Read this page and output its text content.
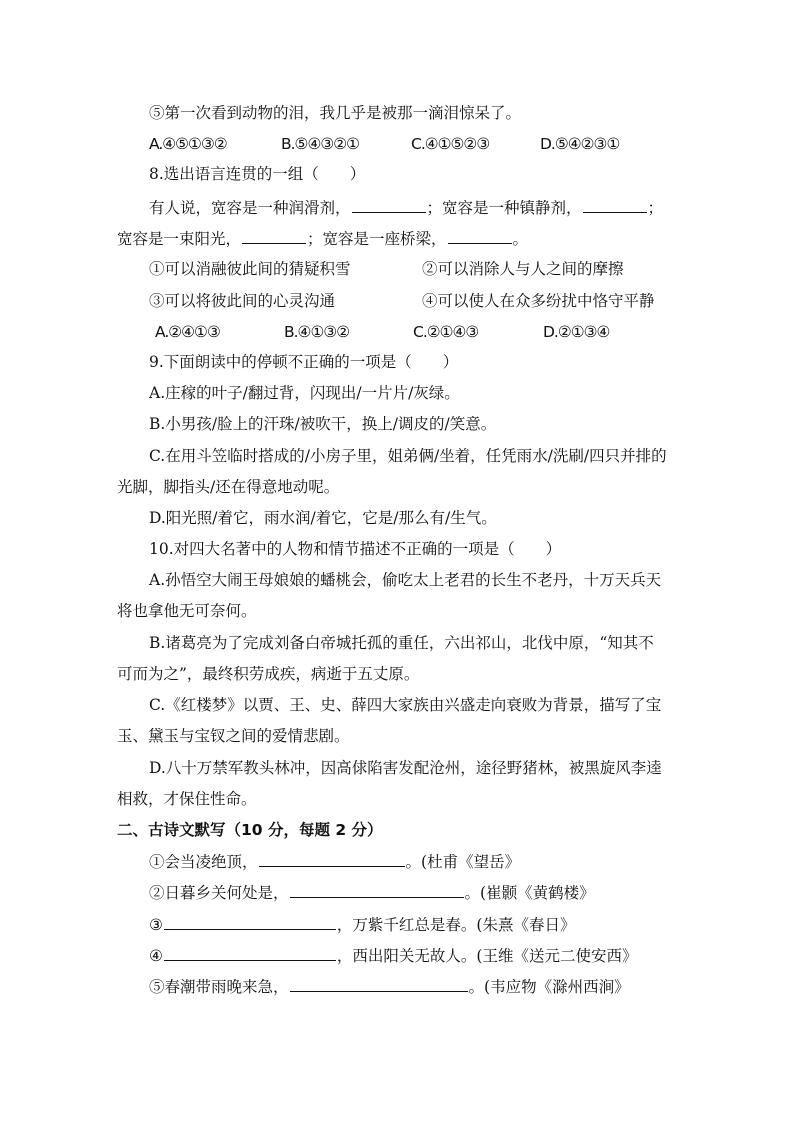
⑤第一次看到动物的泪，我几乎是被那一滴泪惊呆了。
A.④⑤①③②	B.⑤④③②①	C.④①⑤②③	D.⑤④②③①
8.选出语言连贯的一组（　　）
有人说，宽容是一种润滑剂，	；宽容是一种镇静剂，	；
宽容是一束阳光，	；宽容是一座桥梁，	。
①可以消融彼此间的猜疑积雪	②可以消除人与人之间的摩擦
③可以将彼此间的心灵沟通	④可以使人在众多纷扰中恪守平静
A.②④①③	B.④①③②	C.②①④③	D.②①③④
9.下面朗读中的停顿不正确的一项是（　　）
A.庄稼的叶子/翻过背，闪现出/一片片/灰绿。
B.小男孩/脸上的汗珠/被吹干，换上/调皮的/笑意。
C.在用斗笠临时搭成的/小房子里，姐弟俩/坐着，任凭雨水/洗刷/四只并排的
光脚，脚指头/还在得意地动呢。
D.阳光照/着它，雨水润/着它，它是/那么有/生气。
10.对四大名著中的人物和情节描述不正确的一项是（　　）
A.孙悟空大闹王母娘娘的蟠桃会，偷吃太上老君的长生不老丹，十万天兵天
将也拿他无可奈何。
B.诸葛亮为了完成刘备白帝城托孤的重任，六出祁山，北伐中原，“知其不
可而为之”，最终积劳成疾，病逝于五丈原。
C.《红楼梦》以贾、王、史、薛四大家族由兴盛走向衰败为背景，描写了宝
玉、黛玉与宝钗之间的爱情悲剧。
D.八十万禁军教头林冲，因高俅陷害发配沧州，途径野猪林，被黑旋风李逵
相救，才保住性命。
二、古诗文默写（10 分，每题 2 分）
①会当凌绝顶，	。(杜甫《望岳》
②日暮乡关何处是，	。(崔颢《黄鹤楼》
③	，万紫千红总是春。(朱熹《春日》
④	，西出阳关无故人。(王维《送元二使安西》
⑤春潮带雨晚来急，	。(韦应物《滁州西涧》
